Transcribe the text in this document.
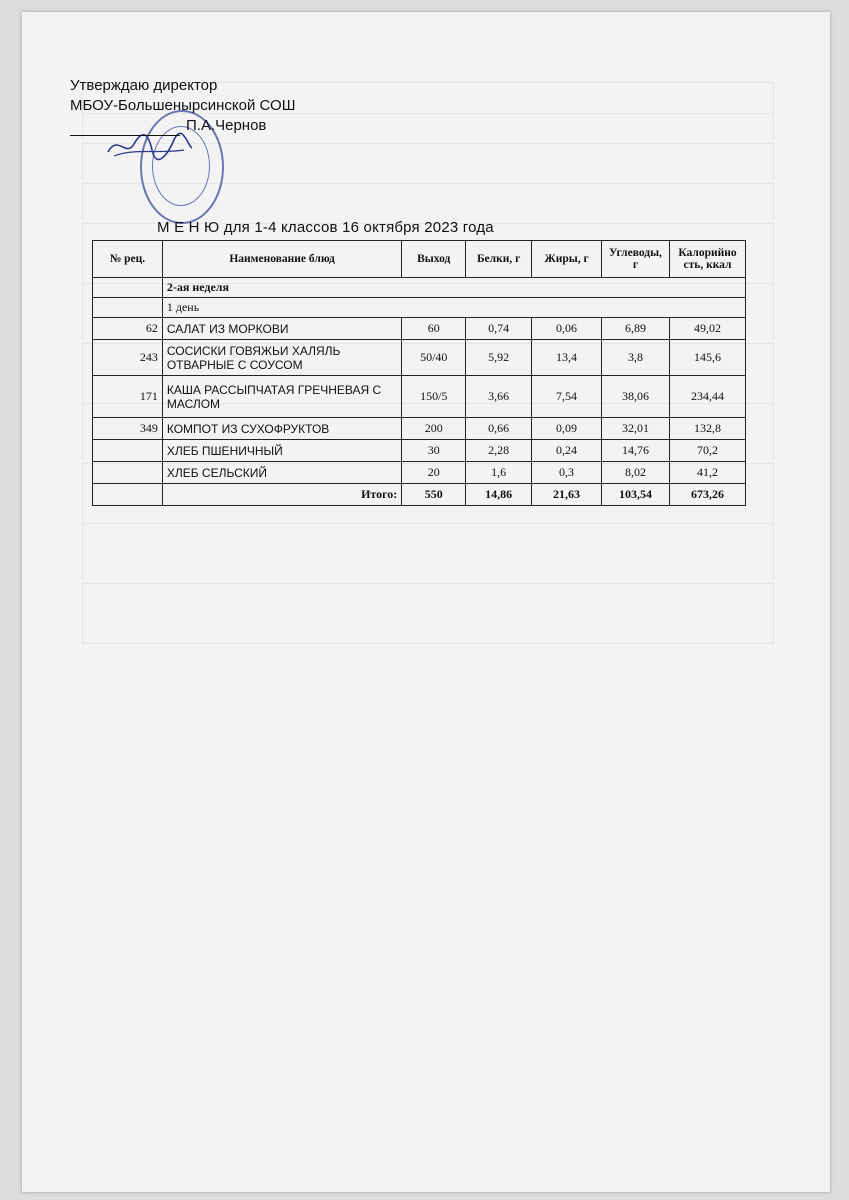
Утверждаю директор
МБОУ-Большенырсинской СОШ
П.А.Чернов
М Е Н Ю для 1-4 классов 16 октября 2023 года
№ рец.	Наименование блюд	Выход	Белки, г	Жиры, г	Углеводы, г	Калорийно сть, ккал
	2-ая неделя					
	1 день					
62	САЛАТ ИЗ МОРКОВИ	60	0,74	0,06	6,89	49,02
243	СОСИСКИ ГОВЯЖЬИ ХАЛЯЛЬ ОТВАРНЫЕ С СОУСОМ	50/40	5,92	13,4	3,8	145,6
171	КАША РАССЫПЧАТАЯ ГРЕЧНЕВАЯ С МАСЛОМ	150/5	3,66	7,54	38,06	234,44
349	КОМПОТ ИЗ СУХОФРУКТОВ	200	0,66	0,09	32,01	132,8
	ХЛЕБ ПШЕНИЧНЫЙ	30	2,28	0,24	14,76	70,2
	ХЛЕБ СЕЛЬСКИЙ	20	1,6	0,3	8,02	41,2
	Итого:	550	14,86	21,63	103,54	673,26
